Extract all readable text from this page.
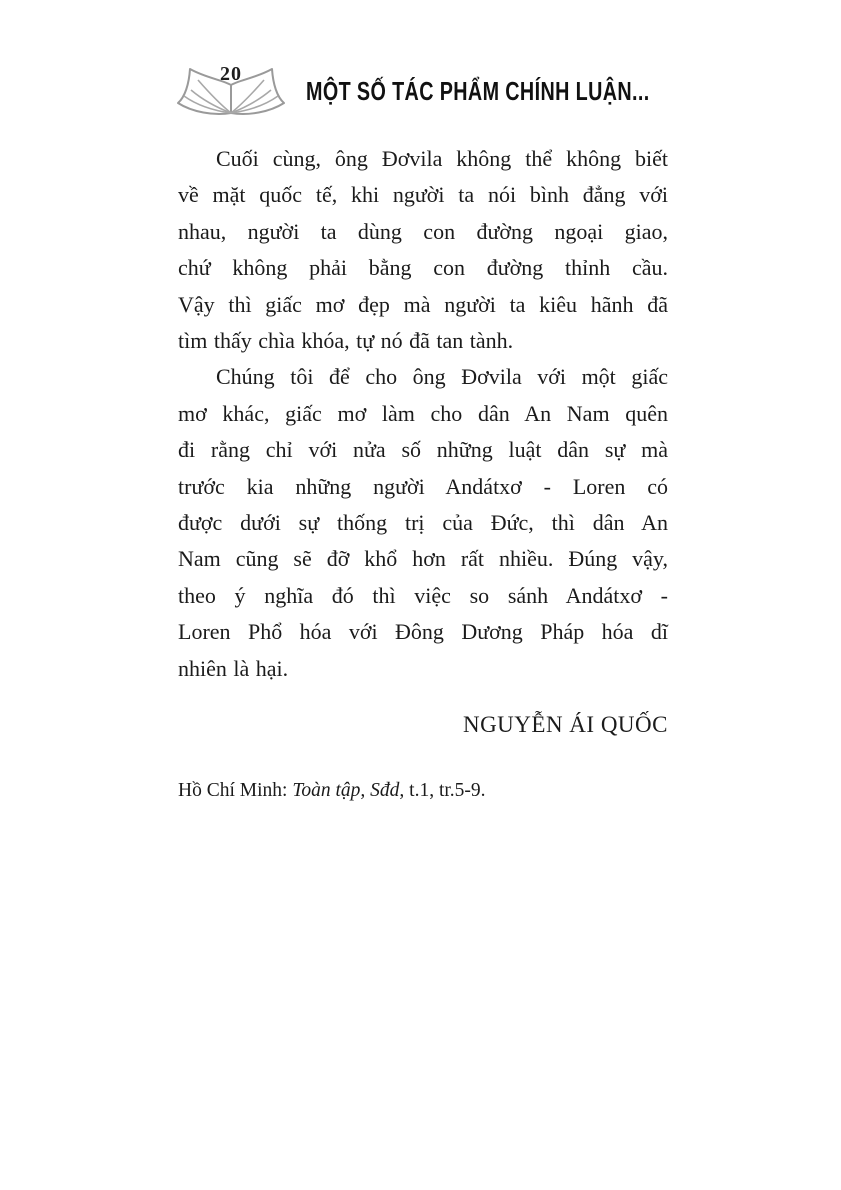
20
MỘT SỐ TÁC PHẨM CHÍNH LUẬN...
Cuối cùng, ông Đơvila không thể không biết
về mặt quốc tế, khi người ta nói bình đẳng với
nhau, người ta dùng con đường ngoại giao,
chứ không phải bằng con đường thỉnh cầu.
Vậy thì giấc mơ đẹp mà người ta kiêu hãnh đã
tìm thấy chìa khóa, tự nó đã tan tành.
Chúng tôi để cho ông Đơvila với một giấc
mơ khác, giấc mơ làm cho dân An Nam quên
đi rằng chỉ với nửa số những luật dân sự mà
trước kia những người Andátxơ - Loren có
được dưới sự thống trị của Đức, thì dân An
Nam cũng sẽ đỡ khổ hơn rất nhiều. Đúng vậy,
theo ý nghĩa đó thì việc so sánh Andátxơ -
Loren Phổ hóa với Đông Dương Pháp hóa dĩ
nhiên là hại.
NGUYỄN ÁI QUỐC
Hồ Chí Minh: Toàn tập, Sđd, t.1, tr.5-9.
